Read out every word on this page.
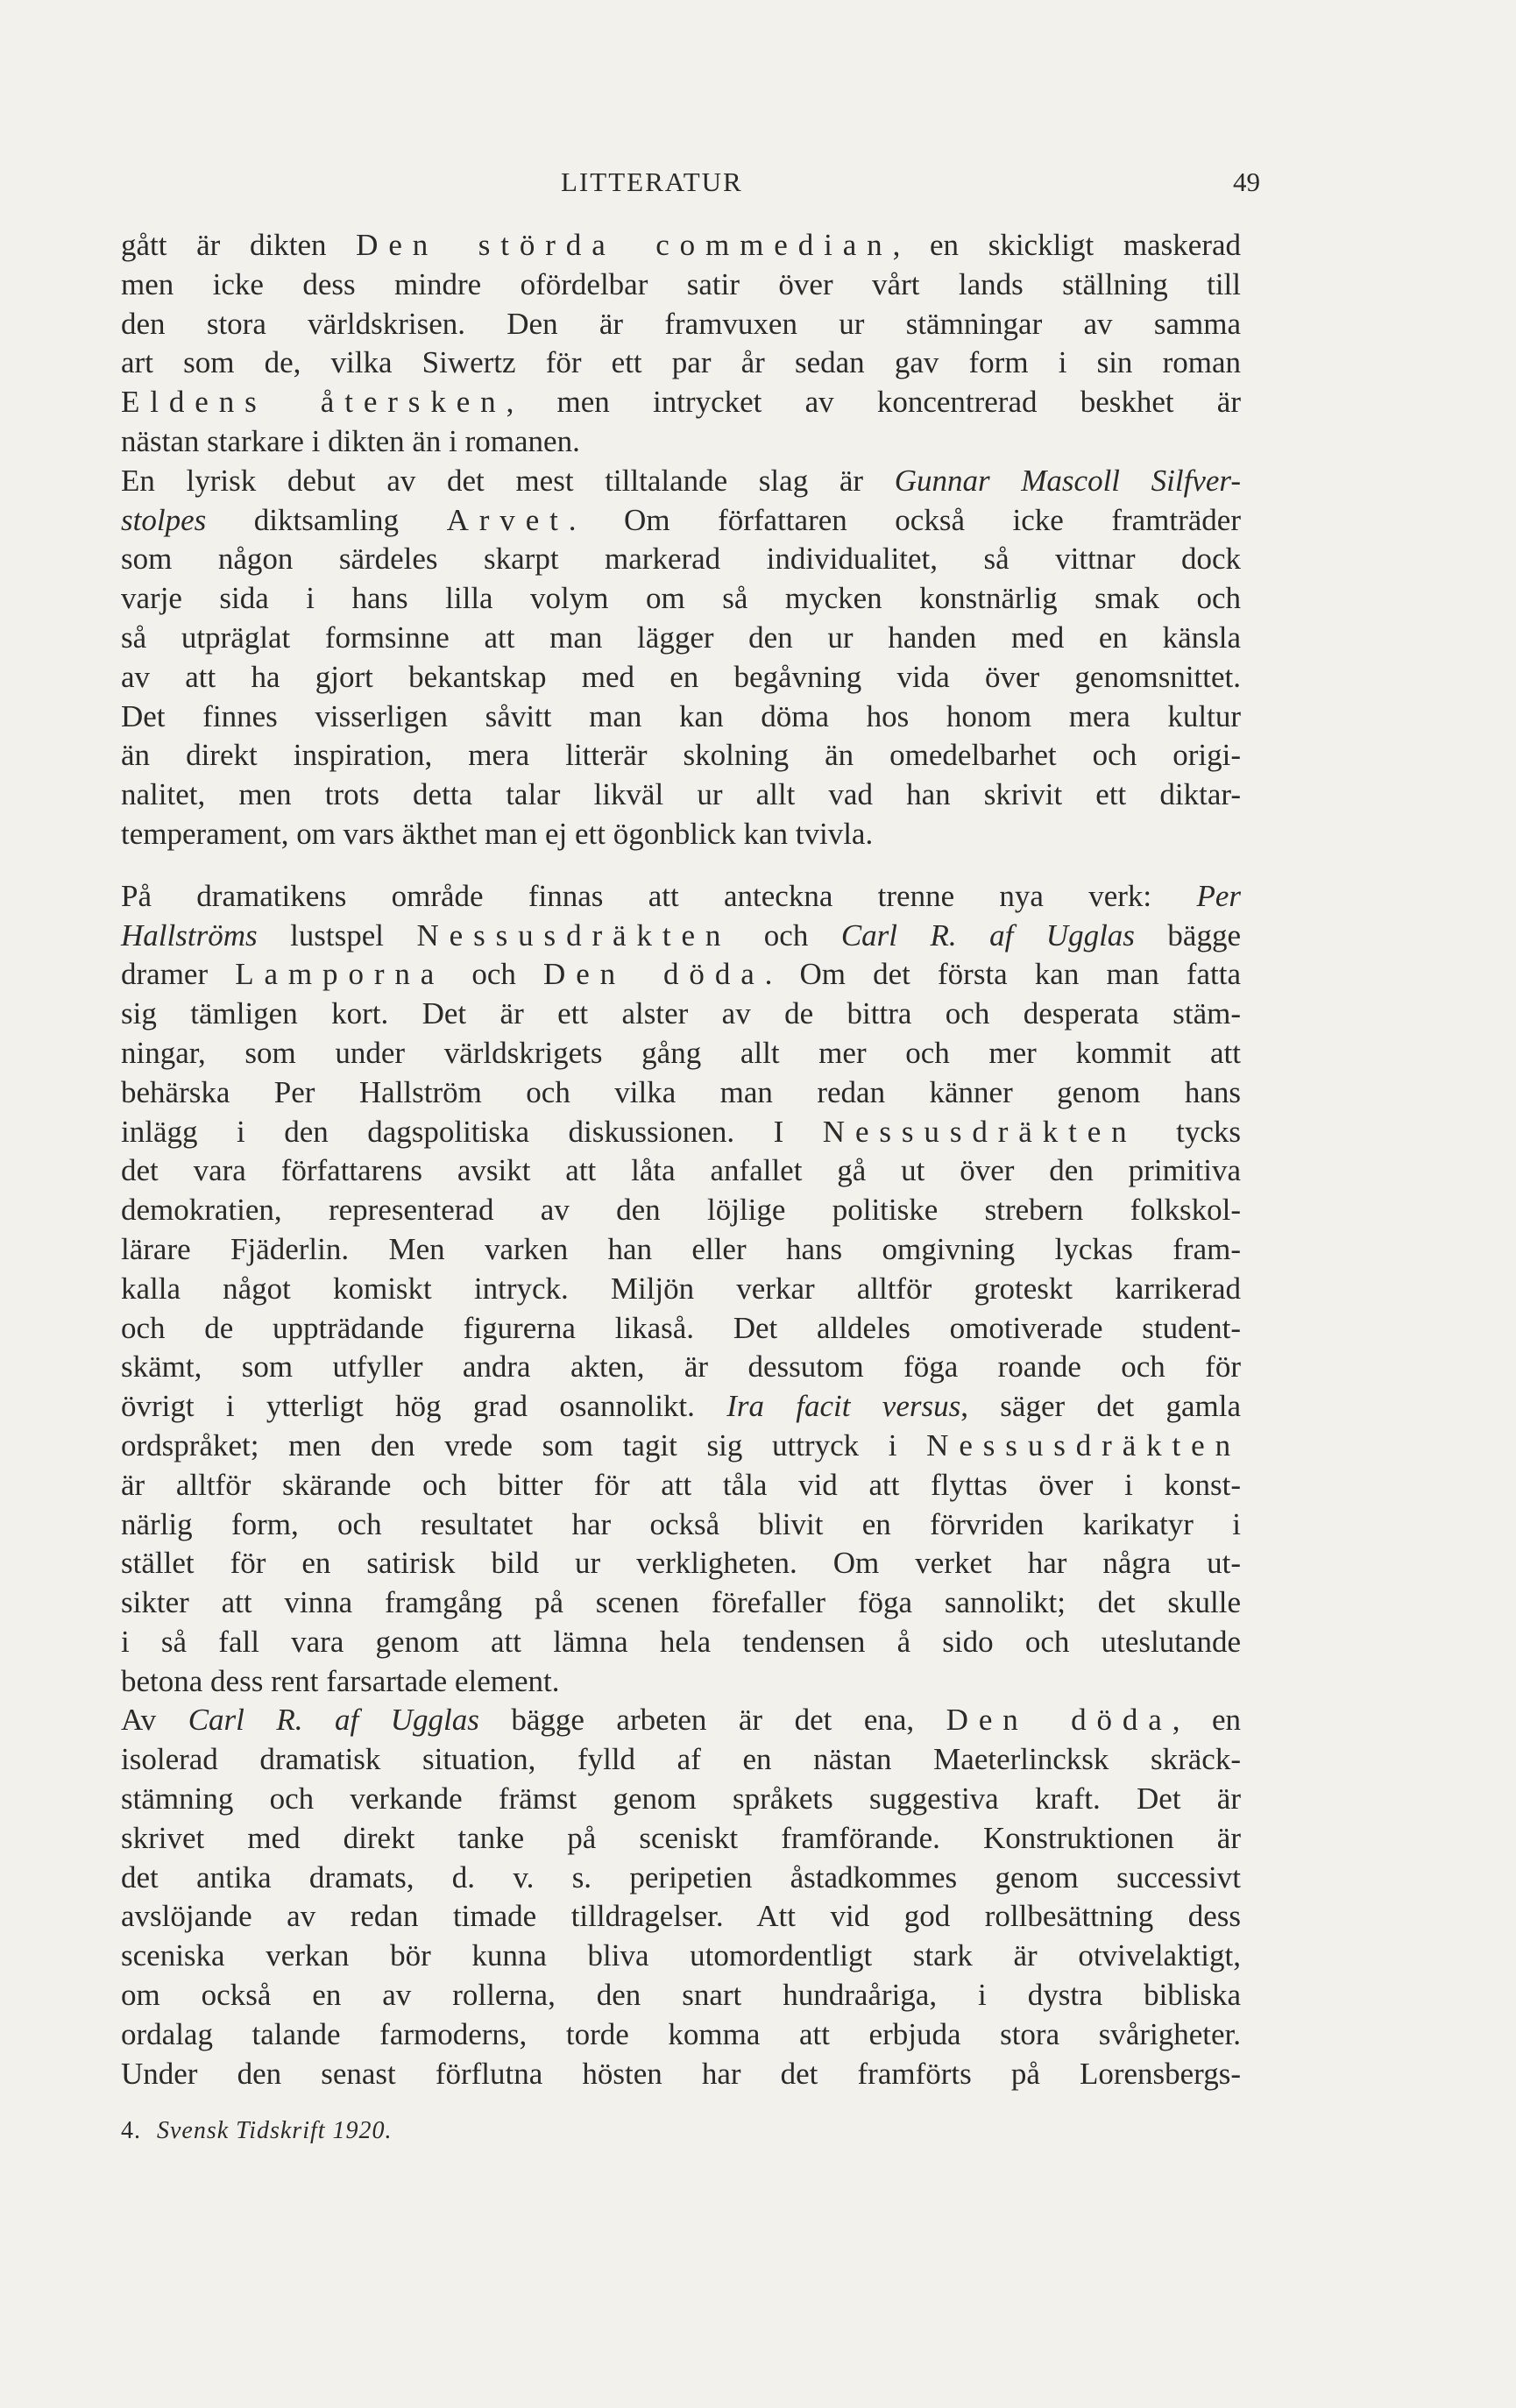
LITTERATUR	49
gått är dikten Den störda commedian, en skickligt maskerad
men icke dess mindre ofördelbar satir över vårt lands ställning till
den stora världskrisen. Den är framvuxen ur stämningar av samma
art som de, vilka Siwertz för ett par år sedan gav form i sin roman
Eldens återsken, men intrycket av koncentrerad beskhet är
nästan starkare i dikten än i romanen.
En lyrisk debut av det mest tilltalande slag är Gunnar Mascoll Silfver-
stolpes diktsamling Arvet. Om författaren också icke framträder
som någon särdeles skarpt markerad individualitet, så vittnar dock
varje sida i hans lilla volym om så mycken konstnärlig smak och
så utpräglat formsinne att man lägger den ur handen med en känsla
av att ha gjort bekantskap med en begåvning vida över genomsnittet.
Det finnes visserligen såvitt man kan döma hos honom mera kultur
än direkt inspiration, mera litterär skolning än omedelbarhet och origi-
nalitet, men trots detta talar likväl ur allt vad han skrivit ett diktar-
temperament, om vars äkthet man ej ett ögonblick kan tvivla.
På dramatikens område finnas att anteckna trenne nya verk: Per
Hallströms lustspel Nessusdräkten och Carl R. af Ugglas bägge
dramer Lamporna och Den döda. Om det första kan man fatta
sig tämligen kort. Det är ett alster av de bittra och desperata stäm-
ningar, som under världskrigets gång allt mer och mer kommit att
behärska Per Hallström och vilka man redan känner genom hans
inlägg i den dagspolitiska diskussionen. I Nessusdräkten tycks
det vara författarens avsikt att låta anfallet gå ut över den primitiva
demokratien, representerad av den löjlige politiske strebern folkskol-
lärare Fjäderlin. Men varken han eller hans omgivning lyckas fram-
kalla något komiskt intryck. Miljön verkar alltför groteskt karrikerad
och de uppträdande figurerna likaså. Det alldeles omotiverade student-
skämt, som utfyller andra akten, är dessutom föga roande och för
övrigt i ytterligt hög grad osannolikt. Ira facit versus, säger det gamla
ordspråket; men den vrede som tagit sig uttryck i Nessusdräkten
är alltför skärande och bitter för att tåla vid att flyttas över i konst-
närlig form, och resultatet har också blivit en förvriden karikatyr i
stället för en satirisk bild ur verkligheten. Om verket har några ut-
sikter att vinna framgång på scenen förefaller föga sannolikt; det skulle
i så fall vara genom att lämna hela tendensen å sido och uteslutande
betona dess rent farsartade element.
Av Carl R. af Ugglas bägge arbeten är det ena, Den döda, en
isolerad dramatisk situation, fylld af en nästan Maeterlincksk skräck-
stämning och verkande främst genom språkets suggestiva kraft. Det är
skrivet med direkt tanke på sceniskt framförande. Konstruktionen är
det antika dramats, d. v. s. peripetien åstadkommes genom successivt
avslöjande av redan timade tilldragelser. Att vid god rollbesättning dess
sceniska verkan bör kunna bliva utomordentligt stark är otvivelaktigt,
om också en av rollerna, den snart hundraåriga, i dystra bibliska
ordalag talande farmoderns, torde komma att erbjuda stora svårigheter.
Under den senast förflutna hösten har det framförts på Lorensbergs-
4. Svensk Tidskrift 1920.
